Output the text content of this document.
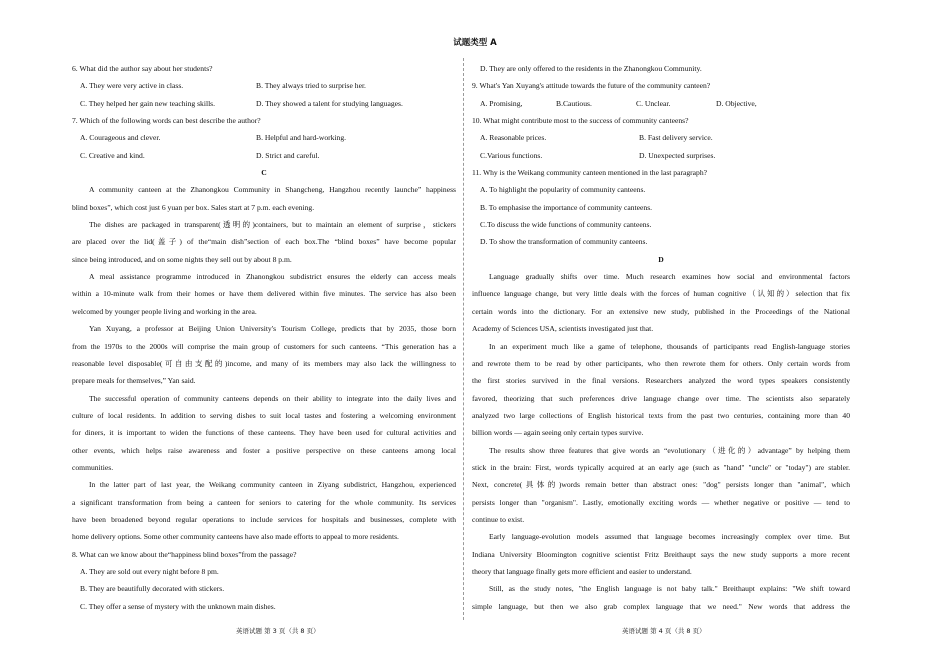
试题类型 A
6. What did the author say about her students?
A. They were very active in class.	B. They always tried to surprise her.
C. They helped her gain new teaching skills.	D. They showed a talent for studying languages.
7. Which of the following words can best describe the author?
A. Courageous and clever.	B. Helpful and hard-working.
C. Creative and kind.	D. Strict and careful.
C
A community canteen at the Zhanongkou Community in Shangcheng, Hangzhou recently launche” happiness
blind boxes”, which cost just 6 yuan per box. Sales start at 7 p.m. each evening.
The dishes are packaged in transparent(透明的)containers, but to maintain an element of surprise，stickers
are placed over the lid(盖子) of the“main dish”section of each box.The “blind boxes” have become popular
since being introduced, and on some nights they sell out by about 8 p.m.
A meal assistance programme introduced in Zhanongkou subdistrict ensures the elderly can access meals
within a 10-minute walk from their homes or have them delivered within five minutes. The service has also been
welcomed by younger people living and working in the area.
Yan Xuyang, a professor at Beijing Union University's Tourism College, predicts that by 2035, those born
from the 1970s to the 2000s will comprise the main group of customers for such canteens. “This generation has a
reasonable level disposable(可自由支配的)income, and many of its members may also lack the willingness to
prepare meals for themselves,” Yan said.
The successful operation of community canteens depends on their ability to integrate into the daily lives and
culture of local residents. In addition to serving dishes to suit local tastes and fostering a welcoming environment
for diners, it is important to widen the functions of these canteens. They have been used for cultural activities and
other events, which helps raise awareness and foster a positive perspective on these canteens among local
communities.
In the latter part of last year, the Weikang community canteen in Ziyang subdistrict, Hangzhou, experienced
a significant transformation from being a canteen for seniors to catering for the whole community. Its services
have been broadened beyond regular operations to include services for hospitals and businesses, complete with
home delivery options. Some other community canteens have also made efforts to appeal to more residents.
8. What can we know about the“happiness blind boxes”from the passage?
A. They are sold out every night before 8 pm.
B. They are beautifully decorated with stickers.
C. They offer a sense of mystery with the unknown main dishes.
D. They are only offered to the residents in the Zhanongkou Community.
9. What's Yan Xuyang's attitude towards the future of the community canteen?
A. Promising,	B.Cautious.	C. Unclear.	D. Objective,
10. What might contribute most to the success of community canteens?
A. Reasonable prices.	B. Fast delivery service.
C.Various functions.	D. Unexpected surprises.
11. Why is the Weikang community canteen mentioned in the last paragraph?
A. To highlight the popularity of community canteens.
B. To emphasise the importance of community canteens.
C.To discuss the wide functions of community canteens.
D. To show the transformation of community canteens.
D
Language gradually shifts over time. Much research examines how social and environmental factors
influence language change, but very little deals with the forces of human cognitive（认知的）selection that fix
certain words into the dictionary. For an extensive new study, published in the Proceedings of the National
Academy of Sciences USA, scientists investigated just that.
In an experiment much like a game of telephone, thousands of participants read English-language stories
and rewrote them to be read by other participants, who then rewrote them for others. Only certain words from
the first stories survived in the final versions. Researchers analyzed the word types speakers consistently
favored, theorizing that such preferences drive language change over time. The scientists also separately
analyzed two large collections of English historical texts from the past two centuries, containing more than 40
billion words — again seeing only certain types survive.
The results show three features that give words an “evolutionary（进化的）advantage” by helping them
stick in the brain: First, words typically acquired at an early age (such as "hand" "uncle" or "today") are stabler.
Next, concrete(具体的)words remain better than abstract ones: "dog" persists longer than "animal", which
persists longer than "organism". Lastly, emotionally exciting words — whether negative or positive — tend to
continue to exist.
Early language-evolution models assumed that language becomes increasingly complex over time. But
Indiana University Bloomington cognitive scientist Fritz Breithaupt says the new study supports a more recent
theory that language finally gets more efficient and easier to understand.
Still, as the study notes, "the English language is not baby talk." Breithaupt explains: "We shift toward
simple language, but then we also grab complex language that we need." New words that address the
英语试题 第 3 页（共 8 页）	英语试题 第 4 页（共 8 页）
